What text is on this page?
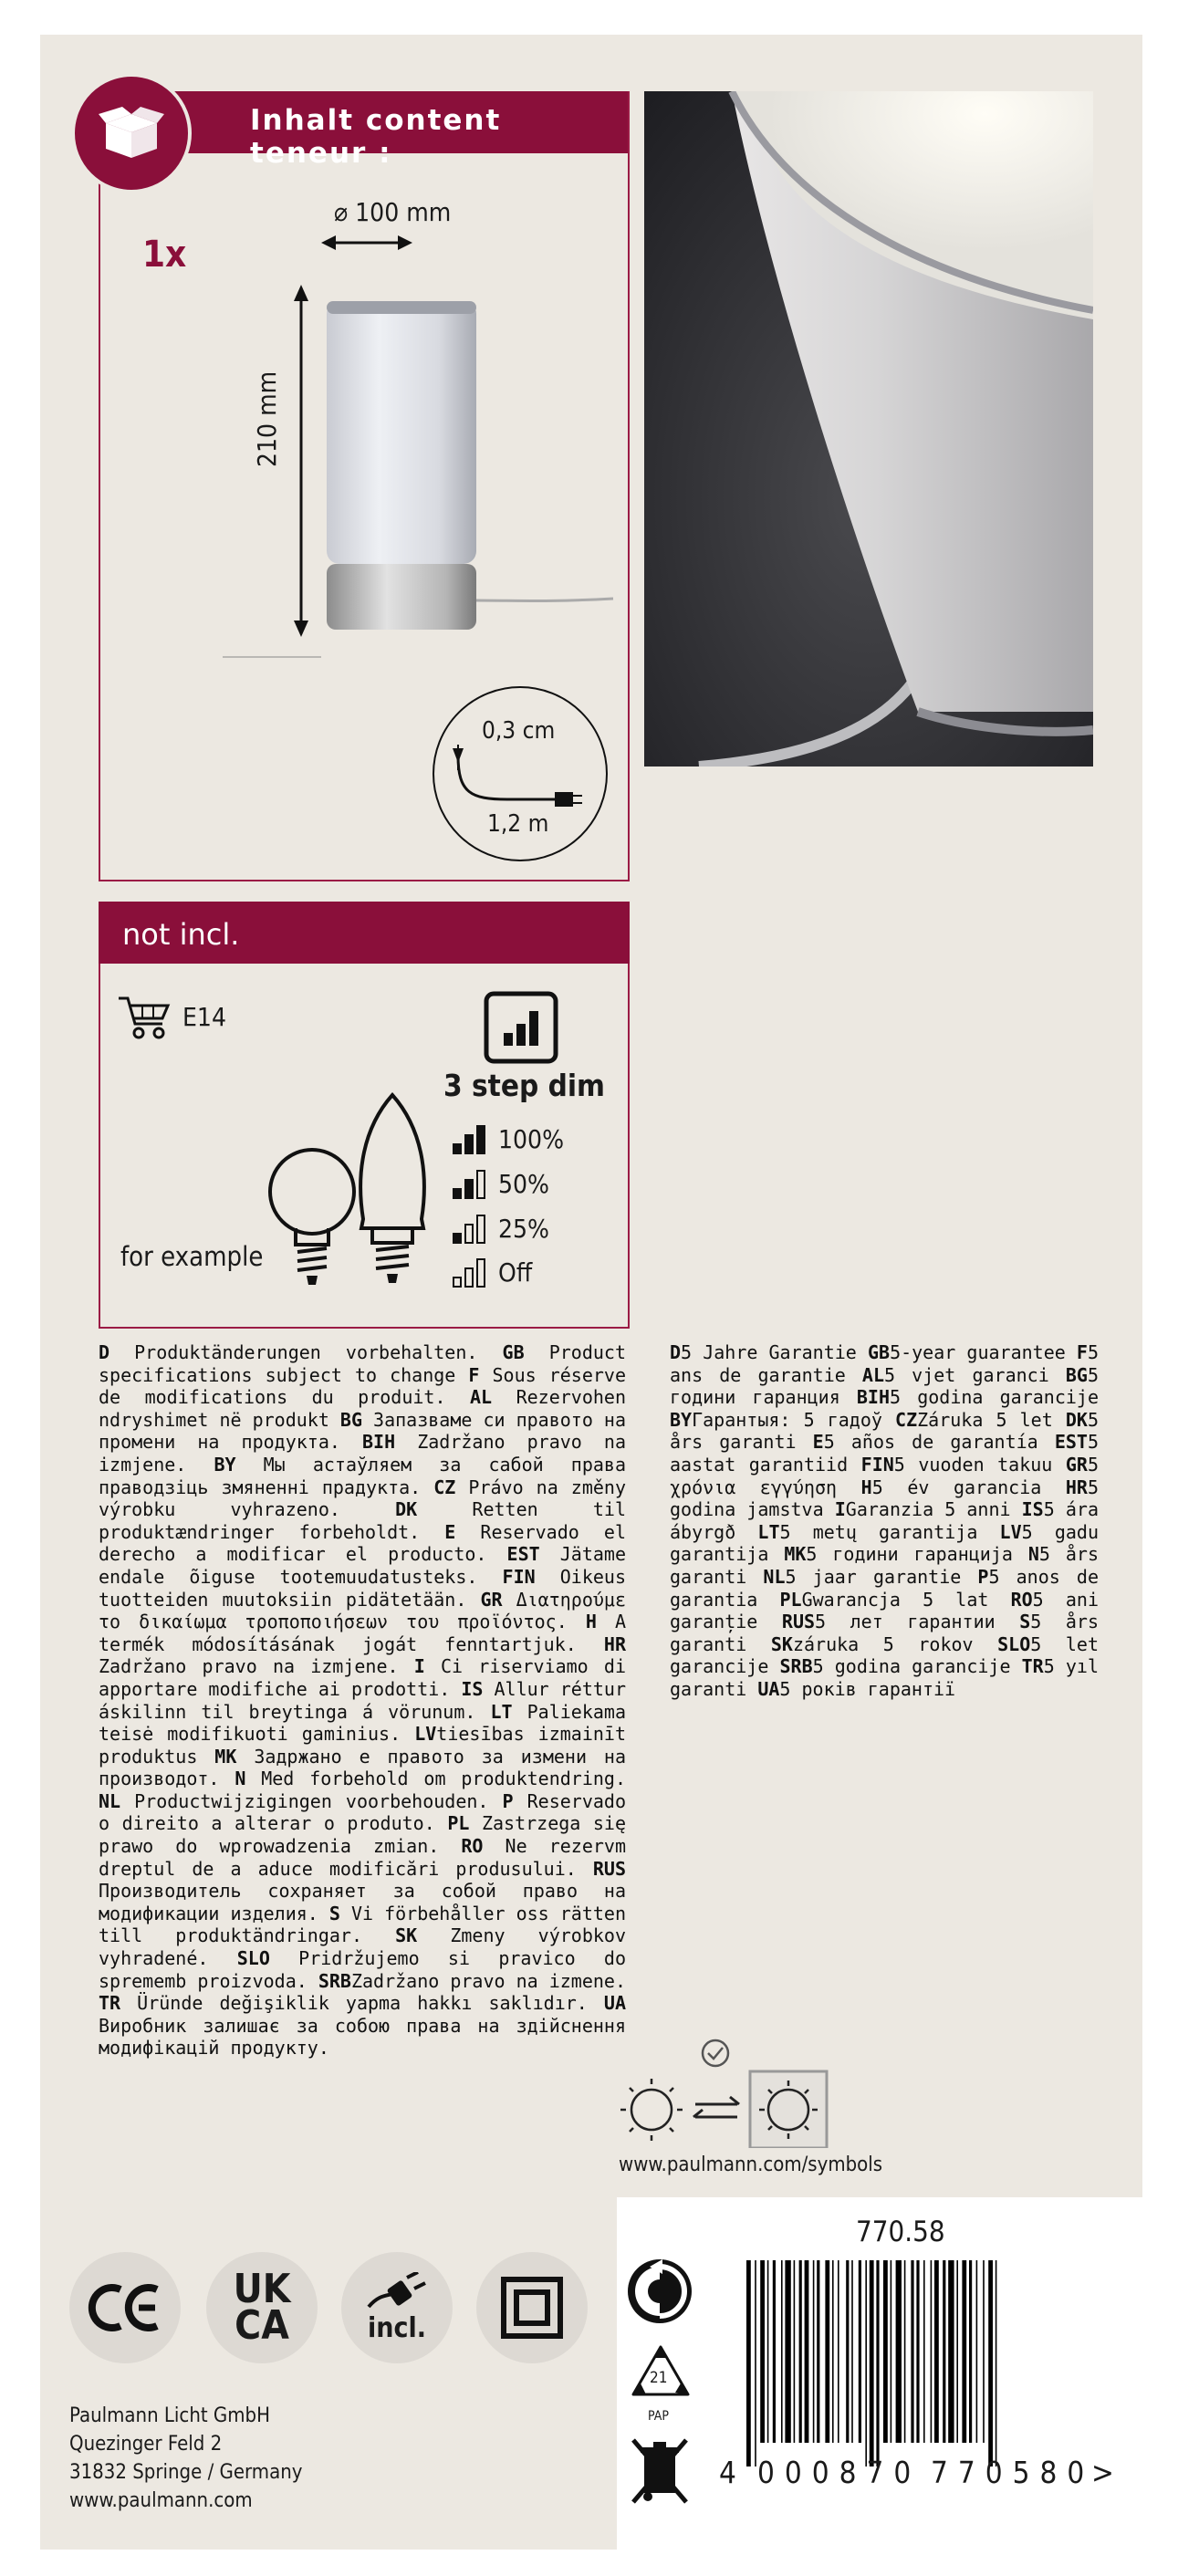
Inhalt content teneur :
1x
⌀ 100 mm
210 mm
0,3 cm
1,2 m
not incl.
E14
3 step dim
100%
50%
25%
Off
for example
D Produktänderungen vorbehalten. GB Product specifications subject to change F Sous réserve de modifications du produit. AL Rezervohen ndryshimet në produkt BG Запазваме си правото на промени на продукта. BIH Zadržano pravo na izmjene. BY Мы астаўляем за сабой права праводзіць змяненні прадукта. CZ Právo na změny výrobku vyhrazeno. DK Retten til produktændringer forbeholdt. E Reservado el derecho a modificar el producto. EST Jätame endale õiguse tootemuudatusteks. FIN Oikeus tuotteiden muutoksiin pidätetään. GR Διατηρούμε το δικαίωμα τροποποιήσεων του προϊόντος. H A termék módosításának jogát fenntartjuk. HR Zadržano pravo na izmjene. I Ci riserviamo di apportare modifiche ai prodotti. IS Allur réttur áskilinn til breytinga á vörunum. LT Paliekama teisė modifikuoti gaminius. LVtiesības izmainīt produktus MK Задржано е правото за измени на производот. N Med forbehold om produktendring. NL Productwijzigingen voorbehouden. P Reservado o direito a alterar o produto. PL Zastrzega się prawo do wprowadzenia zmian. RO Ne rezervm dreptul de a aduce modificări produsului. RUS Производитель сохраняет за собой право на модификации изделия. S Vi förbehåller oss rätten till produktändringar. SK Zmeny výrobkov vyhradené. SLO Pridržujemo si pravico do sprememb proizvoda. SRBZadržano pravo na izmene. TR Üründe değişiklik yapma hakkı saklıdır. UA Виробник залишає за собою права на здійснення модифікацій продукту.
D5 Jahre Garantie GB5-year guarantee F5 ans de garantie AL5 vjet garanci BG5 години гаранция BIH5 godina garancije BYГарантыя: 5 гадоў CZZáruka 5 let DK5 års garanti E5 años de garantía EST5 aastat garantiid FIN5 vuoden takuu GR5 χρόνια εγγύηση H5 év garancia HR5 godina jamstva IGaranzia 5 anni IS5 ára ábyrgð LT5 metų garantija LV5 gadu garantija MK5 години гаранција N5 års garanti NL5 jaar garantie P5 anos de garantia PLGwarancja 5 lat RO5 ani garanție RUS5 лет гарантии S5 års garanti SKzáruka 5 rokov SLO5 let garancije SRB5 godina garancije TR5 yıl garanti UA5 років гарантії
www.paulmann.com/symbols
770.58
4 000870 770580
>
21
PAP
UK
CA	incl.
Paulmann Licht GmbH
Quezinger Feld 2
31832 Springe / Germany
www.paulmann.com
